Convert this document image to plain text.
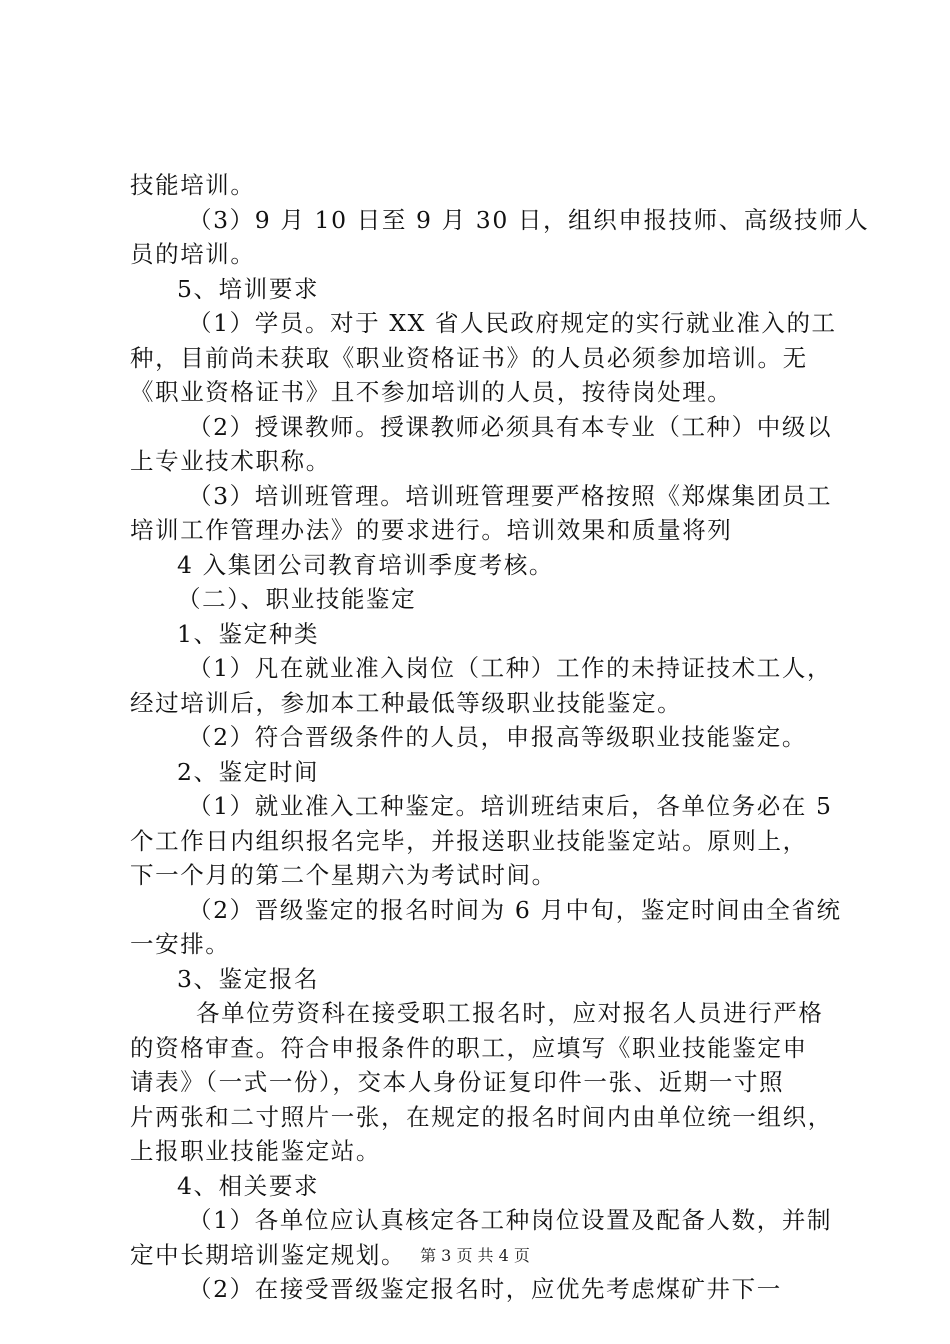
技能培训。
（3）9 月 10 日至 9 月 30 日，组织申报技师、高级技师人
员的培训。
5、培训要求
（1）学员。对于 XX 省人民政府规定的实行就业准入的工
种，目前尚未获取《职业资格证书》的人员必须参加培训。无
《职业资格证书》且不参加培训的人员，按待岗处理。
（2）授课教师。授课教师必须具有本专业（工种）中级以
上专业技术职称。
（3）培训班管理。培训班管理要严格按照《郑煤集团员工
培训工作管理办法》的要求进行。培训效果和质量将列
4 入集团公司教育培训季度考核。
（二）、职业技能鉴定
1、鉴定种类
（1）凡在就业准入岗位（工种）工作的未持证技术工人，
经过培训后，参加本工种最低等级职业技能鉴定。
（2）符合晋级条件的人员，申报高等级职业技能鉴定。
2、鉴定时间
（1）就业准入工种鉴定。培训班结束后，各单位务必在 5
个工作日内组织报名完毕，并报送职业技能鉴定站。原则上，
下一个月的第二个星期六为考试时间。
（2）晋级鉴定的报名时间为 6 月中旬，鉴定时间由全省统
一安排。
3、鉴定报名
各单位劳资科在接受职工报名时，应对报名人员进行严格
的资格审查。符合申报条件的职工，应填写《职业技能鉴定申
请表》（一式一份），交本人身份证复印件一张、近期一寸照
片两张和二寸照片一张，在规定的报名时间内由单位统一组织，
上报职业技能鉴定站。
4、相关要求
（1）各单位应认真核定各工种岗位设置及配备人数，并制
定中长期培训鉴定规划。
（2）在接受晋级鉴定报名时，应优先考虑煤矿井下一
第 3 页 共 4 页
